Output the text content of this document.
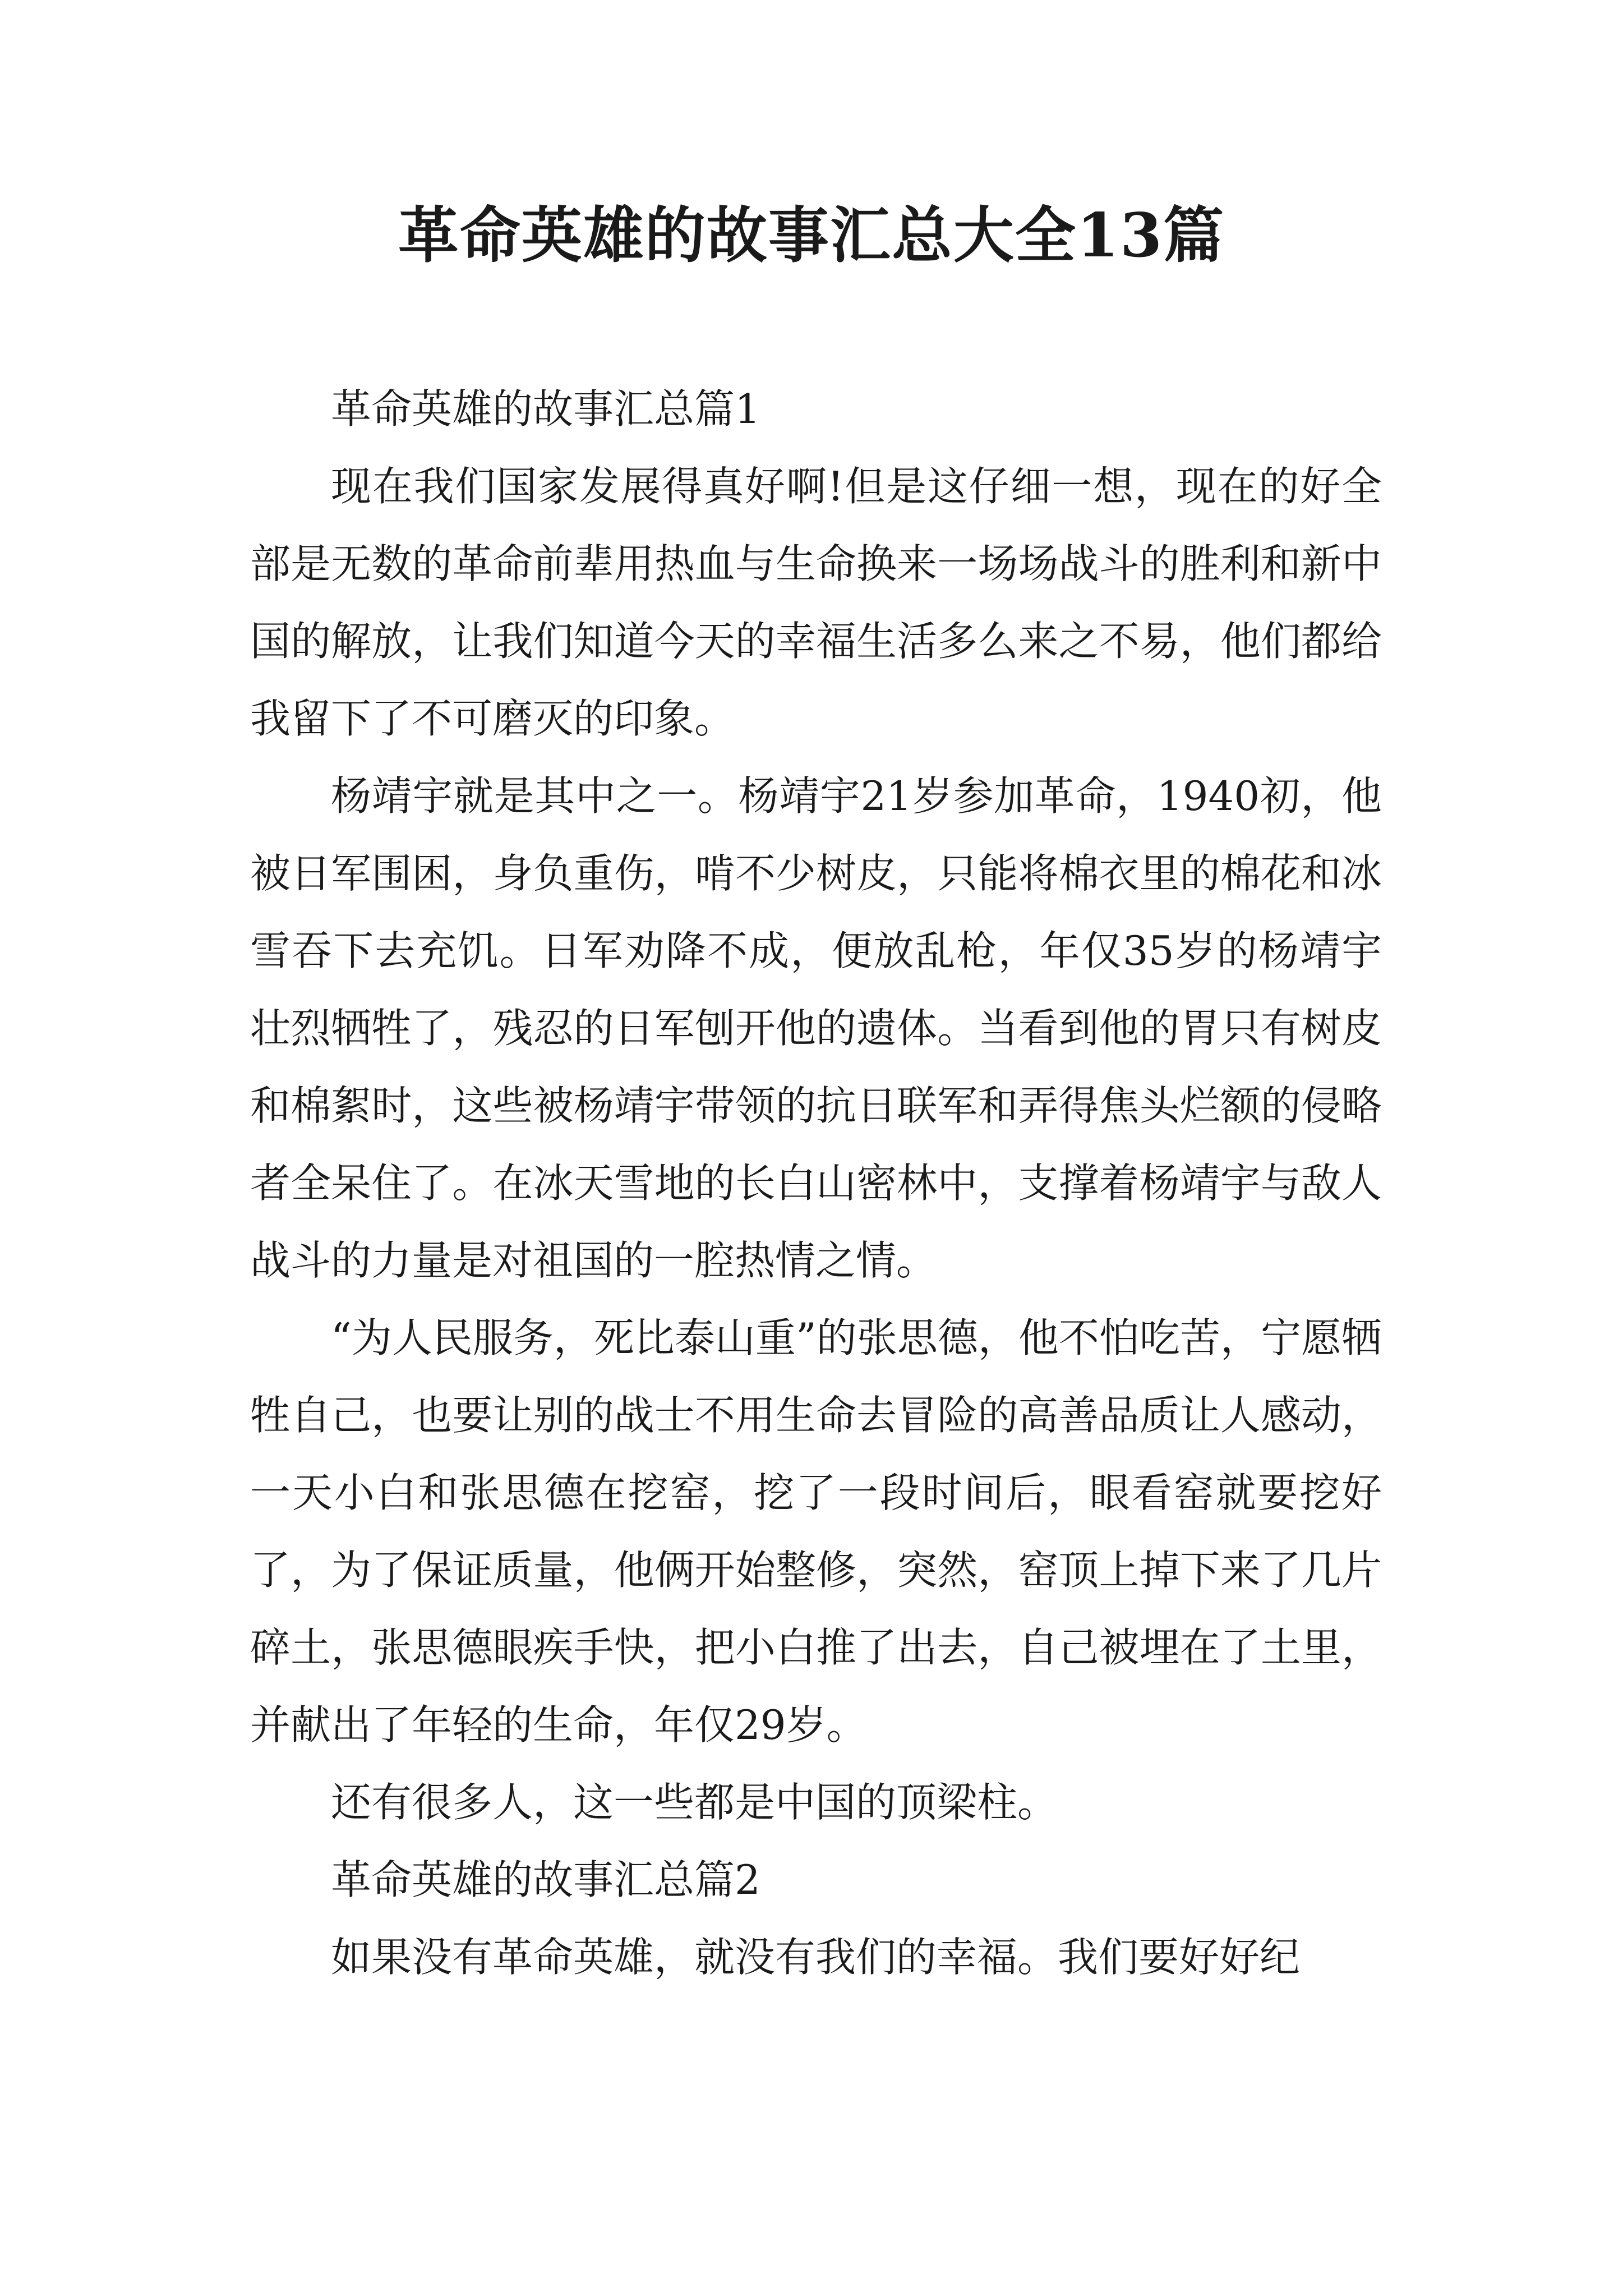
革命英雄的故事汇总大全13篇

革命英雄的故事汇总篇1

现在我们国家发展得真好啊!但是这仔细一想，现在的好全部是无数的革命前辈用热血与生命换来一场场战斗的胜利和新中国的解放，让我们知道今天的幸福生活多么来之不易，他们都给我留下了不可磨灭的印象。

杨靖宇就是其中之一。杨靖宇21岁参加革命，1940初，他被日军围困，身负重伤，啃不少树皮，只能将棉衣里的棉花和冰雪吞下去充饥。日军劝降不成，便放乱枪，年仅35岁的杨靖宇壮烈牺牲了，残忍的日军刨开他的遗体。当看到他的胃只有树皮和棉絮时，这些被杨靖宇带领的抗日联军和弄得焦头烂额的侵略者全呆住了。在冰天雪地的长白山密林中，支撑着杨靖宇与敌人战斗的力量是对祖国的一腔热情之情。

“为人民服务，死比泰山重”的张思德，他不怕吃苦，宁愿牺牲自己，也要让别的战士不用生命去冒险的高善品质让人感动，一天小白和张思德在挖窑，挖了一段时间后，眼看窑就要挖好了，为了保证质量，他俩开始整修，突然，窑顶上掉下来了几片碎土，张思德眼疾手快，把小白推了出去，自己被埋在了土里，并献出了年轻的生命，年仅29岁。

还有很多人，这一些都是中国的顶梁柱。

革命英雄的故事汇总篇2

如果没有革命英雄，就没有我们的幸福。我们要好好纪
